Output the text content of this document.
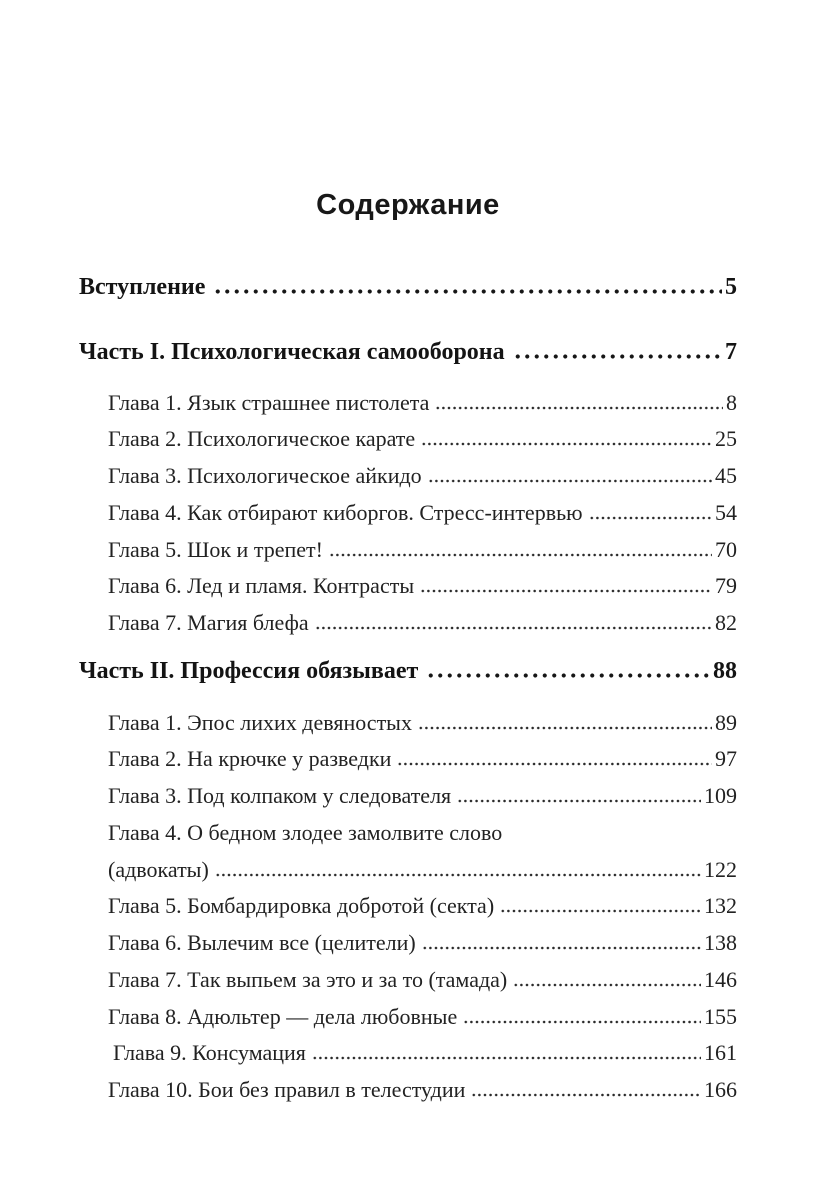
Содержание
Вступление	5
Часть I. Психологическая самооборона	7
Глава 1. Язык страшнее пистолета	8
Глава 2. Психологическое карате	25
Глава 3. Психологическое айкидо	45
Глава 4. Как отбирают киборгов. Стресс-интервью	54
Глава 5. Шок и трепет!	70
Глава 6. Лед и пламя. Контрасты	79
Глава 7. Магия блефа	82
Часть II. Профессия обязывает	88
Глава 1. Эпос лихих девяностых	89
Глава 2. На крючке у разведки	97
Глава 3. Под колпаком у следователя	109
Глава 4. О бедном злодее замолвите слово
(адвокаты)	122
Глава 5. Бомбардировка добротой (секта)	132
Глава 6. Вылечим все (целители)	138
Глава 7. Так выпьем за это и за то (тамада)	146
Глава 8. Адюльтер — дела любовные	155
Глава 9. Консумация	161
Глава 10. Бои без правил в телестудии	166
